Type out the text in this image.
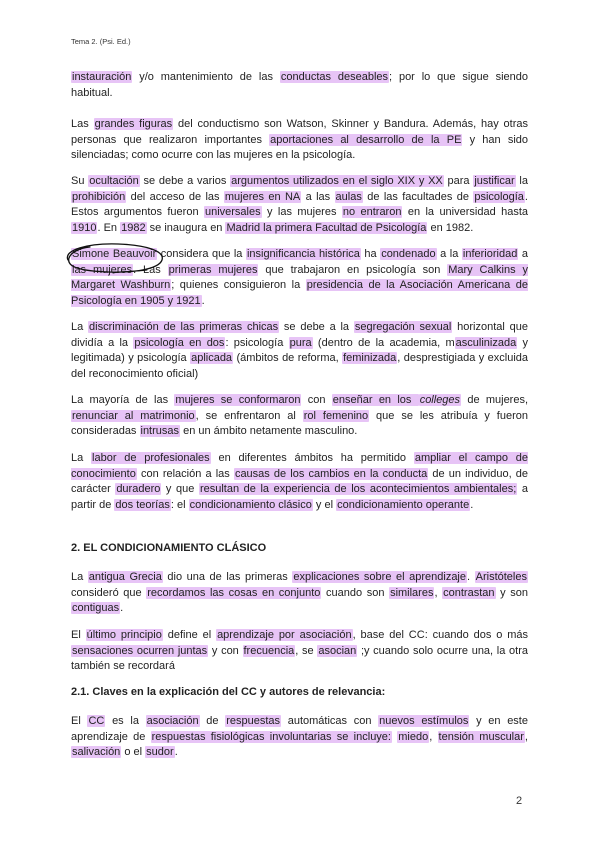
Tema 2. (Psi. Ed.)

instauración y/o mantenimiento de las conductas deseables; por lo que sigue siendo habitual.

Las grandes figuras del conductismo son Watson, Skinner y Bandura. Además, hay otras personas que realizaron importantes aportaciones al desarrollo de la PE y han sido silenciadas; como ocurre con las mujeres en la psicología.

Su ocultación se debe a varios argumentos utilizados en el siglo XIX y XX para justificar la prohibición del acceso de las mujeres en NA a las aulas de las facultades de psicología. Estos argumentos fueron universales y las mujeres no entraron en la universidad hasta 1910. En 1982 se inaugura en Madrid la primera Facultad de Psicología en 1982.

Simone Beauvoir considera que la insignificancia histórica ha condenado a la inferioridad a las mujeres. Las primeras mujeres que trabajaron en psicología son Mary Calkins y Margaret Washburn; quienes consiguieron la presidencia de la Asociación Americana de Psicología en 1905 y 1921.

La discriminación de las primeras chicas se debe a la segregación sexual horizontal que dividía a la psicología en dos: psicología pura (dentro de la academia, masculinizada y legitimada) y psicología aplicada (ámbitos de reforma, feminizada, desprestigiada y excluida del reconocimiento oficial)

La mayoría de las mujeres se conformaron con enseñar en los colleges de mujeres, renunciar al matrimonio, se enfrentaron al rol femenino que se les atribuía y fueron consideradas intrusas en un ámbito netamente masculino.

La labor de profesionales en diferentes ámbitos ha permitido ampliar el campo de conocimiento con relación a las causas de los cambios en la conducta de un individuo, de carácter duradero y que resultan de la experiencia de los acontecimientos ambientales; a partir de dos teorías: el condicionamiento clásico y el condicionamiento operante.

2. EL CONDICIONAMIENTO CLÁSICO

La antigua Grecia dio una de las primeras explicaciones sobre el aprendizaje. Aristóteles consideró que recordamos las cosas en conjunto cuando son similares, contrastan y son contiguas.

El último principio define el aprendizaje por asociación, base del CC: cuando dos o más sensaciones ocurren juntas y con frecuencia, se asocian ;y cuando solo ocurre una, la otra también se recordará

2.1. Claves en la explicación del CC y autores de relevancia:

El CC es la asociación de respuestas automáticas con nuevos estímulos y en este aprendizaje de respuestas fisiológicas involuntarias se incluye: miedo, tensión muscular, salivación o el sudor.

2
